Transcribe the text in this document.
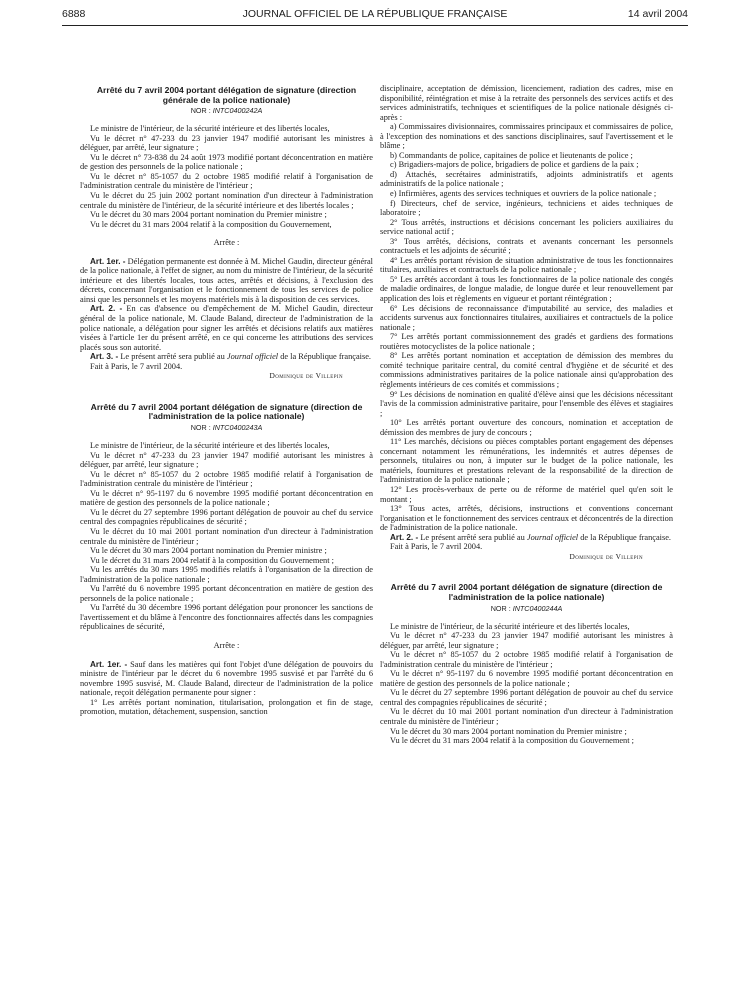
6888	JOURNAL OFFICIEL DE LA RÉPUBLIQUE FRANÇAISE	14 avril 2004
Arrêté du 7 avril 2004 portant délégation de signature (direction générale de la police nationale)
NOR : INTC0400242A

Le ministre de l'intérieur, de la sécurité intérieure et des libertés locales,

Vu le décret n° 47-233 du 23 janvier 1947 modifié autorisant les ministres à déléguer, par arrêté, leur signature ;

Vu le décret n° 73-838 du 24 août 1973 modifié portant déconcentration en matière de gestion des personnels de la police nationale ;

Vu le décret n° 85-1057 du 2 octobre 1985 modifié relatif à l'organisation de l'administration centrale du ministère de l'intérieur ;

Vu le décret du 25 juin 2002 portant nomination d'un directeur à l'administration centrale du ministère de l'intérieur, de la sécurité intérieure et des libertés locales ;

Vu le décret du 30 mars 2004 portant nomination du Premier ministre ;

Vu le décret du 31 mars 2004 relatif à la composition du Gouvernement,

Arrête :

Art. 1er. - Délégation permanente est donnée à M. Michel Gaudin, directeur général de la police nationale, à l'effet de signer, au nom du ministre de l'intérieur, de la sécurité intérieure et des libertés locales, tous actes, arrêtés et décisions, à l'exclusion des décrets, concernant l'organisation et le fonctionnement de tous les services de police ainsi que les personnels et les moyens matériels mis à la disposition de ces services.

Art. 2. - En cas d'absence ou d'empêchement de M. Michel Gaudin, directeur général de la police nationale, M. Claude Baland, directeur de l'administration de la police nationale, a délégation pour signer les arrêtés et décisions relatifs aux matières visées à l'article 1er du présent arrêté, en ce qui concerne les attributions des services placés sous son autorité.

Art. 3. - Le présent arrêté sera publié au Journal officiel de la République française.

Fait à Paris, le 7 avril 2004.

Dominique de Villepin

Arrêté du 7 avril 2004 portant délégation de signature (direction de l'administration de la police nationale)
NOR : INTC0400243A

Le ministre de l'intérieur, de la sécurité intérieure et des libertés locales,

Vu le décret n° 47-233 du 23 janvier 1947 modifié autorisant les ministres à déléguer, par arrêté, leur signature ;

Vu le décret n° 85-1057 du 2 octobre 1985 modifié relatif à l'organisation de l'administration centrale du ministère de l'intérieur ;

Vu le décret n° 95-1197 du 6 novembre 1995 modifié portant déconcentration en matière de gestion des personnels de la police nationale ;

Vu le décret du 27 septembre 1996 portant délégation de pouvoir au chef du service central des compagnies républicaines de sécurité ;

Vu le décret du 10 mai 2001 portant nomination d'un directeur à l'administration centrale du ministère de l'intérieur ;

Vu le décret du 30 mars 2004 portant nomination du Premier ministre ;

Vu le décret du 31 mars 2004 relatif à la composition du Gouvernement ;

Vu les arrêtés du 30 mars 1995 modifiés relatifs à l'organisation de la direction de l'administration de la police nationale ;

Vu l'arrêté du 6 novembre 1995 portant déconcentration en matière de gestion des personnels de la police nationale ;

Vu l'arrêté du 30 décembre 1996 portant délégation pour prononcer les sanctions de l'avertissement et du blâme à l'encontre des fonctionnaires affectés dans les compagnies républicaines de sécurité,

Arrête :

Art. 1er. - Sauf dans les matières qui font l'objet d'une délégation de pouvoirs du ministre de l'intérieur par le décret du 6 novembre 1995 susvisé et par l'arrêté du 6 novembre 1995 susvisé, M. Claude Baland, directeur de l'administration de la police nationale, reçoit délégation permanente pour signer :

1° Les arrêtés portant nomination, titularisation, prolongation et fin de stage, promotion, mutation, détachement, suspension, sanction

disciplinaire, acceptation de démission, licenciement, radiation des cadres, mise en disponibilité, réintégration et mise à la retraite des personnels des services actifs et des services administratifs, techniques et scientifiques de la police nationale désignés ci-après :

a) Commissaires divisionnaires, commissaires principaux et commissaires de police, à l'exception des nominations et des sanctions disciplinaires, sauf l'avertissement et le blâme ;

b) Commandants de police, capitaines de police et lieutenants de police ;

c) Brigadiers-majors de police, brigadiers de police et gardiens de la paix ;

d) Attachés, secrétaires administratifs, adjoints administratifs et agents administratifs de la police nationale ;

e) Infirmières, agents des services techniques et ouvriers de la police nationale ;

f) Directeurs, chef de service, ingénieurs, techniciens et aides techniques de laboratoire ;

2° Tous arrêtés, instructions et décisions concernant les policiers auxiliaires du service national actif ;

3° Tous arrêtés, décisions, contrats et avenants concernant les personnels contractuels et les adjoints de sécurité ;

4° Les arrêtés portant révision de situation administrative de tous les fonctionnaires titulaires, auxiliaires et contractuels de la police nationale ;

5° Les arrêtés accordant à tous les fonctionnaires de la police nationale des congés de maladie ordinaires, de longue maladie, de longue durée et leur renouvellement par application des lois et règlements en vigueur et portant réintégration ;

6° Les décisions de reconnaissance d'imputabilité au service, des maladies et accidents survenus aux fonctionnaires titulaires, auxiliaires et contractuels de la police nationale ;

7° Les arrêtés portant commissionnement des gradés et gardiens des formations routières motocyclistes de la police nationale ;

8° Les arrêtés portant nomination et acceptation de démission des membres du comité technique paritaire central, du comité central d'hygiène et de sécurité et des commissions administratives paritaires de la police nationale ainsi qu'approbation des règlements intérieurs de ces comités et commissions ;

9° Les décisions de nomination en qualité d'élève ainsi que les décisions nécessitant l'avis de la commission administrative paritaire, pour l'ensemble des élèves et stagiaires ;

10° Les arrêtés portant ouverture des concours, nomination et acceptation de démission des membres de jury de concours ;

11° Les marchés, décisions ou pièces comptables portant engagement des dépenses concernant notamment les rémunérations, les indemnités et autres dépenses de personnels, titulaires ou non, à imputer sur le budget de la police nationale, les matériels, fournitures et prestations relevant de la responsabilité de la direction de l'administration de la police nationale ;

12° Les procès-verbaux de perte ou de réforme de matériel quel qu'en soit le montant ;

13° Tous actes, arrêtés, décisions, instructions et conventions concernant l'organisation et le fonctionnement des services centraux et déconcentrés de la direction de l'administration de la police nationale.

Art. 2. - Le présent arrêté sera publié au Journal officiel de la République française.

Fait à Paris, le 7 avril 2004.

Dominique de Villepin

Arrêté du 7 avril 2004 portant délégation de signature (direction de l'administration de la police nationale)
NOR : INTC0400244A

Le ministre de l'intérieur, de la sécurité intérieure et des libertés locales,

Vu le décret n° 47-233 du 23 janvier 1947 modifié autorisant les ministres à déléguer, par arrêté, leur signature ;

Vu le décret n° 85-1057 du 2 octobre 1985 modifié relatif à l'organisation de l'administration centrale du ministère de l'intérieur ;

Vu le décret n° 95-1197 du 6 novembre 1995 modifié portant déconcentration en matière de gestion des personnels de la police nationale ;

Vu le décret du 27 septembre 1996 portant délégation de pouvoir au chef du service central des compagnies républicaines de sécurité ;

Vu le décret du 10 mai 2001 portant nomination d'un directeur à l'administration centrale du ministère de l'intérieur ;

Vu le décret du 30 mars 2004 portant nomination du Premier ministre ;

Vu le décret du 31 mars 2004 relatif à la composition du Gouvernement ;
